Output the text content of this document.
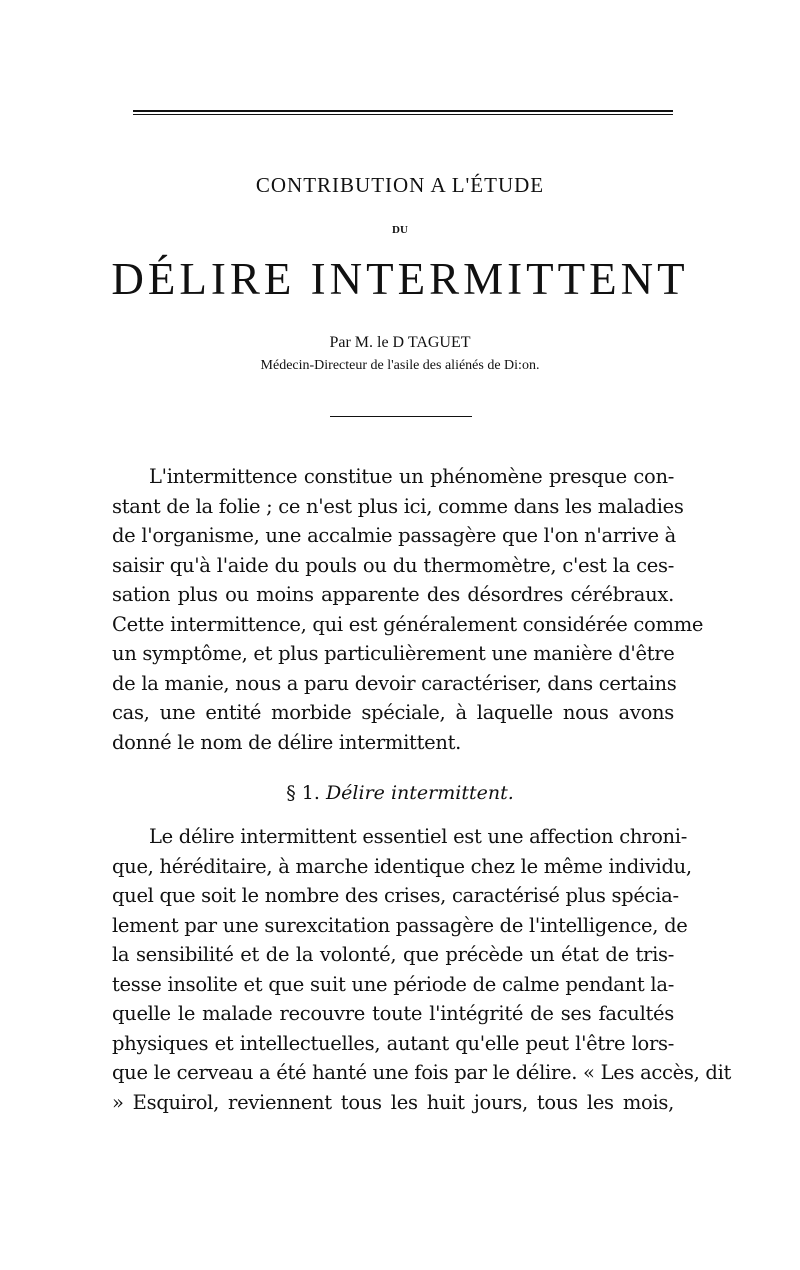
CONTRIBUTION A L'ÉTUDE
DU
DÉLIRE INTERMITTENT
Par M. le D TAGUET
Médecin-Directeur de l'asile des aliénés de Di:on.
L'intermittence constitue un phénomène presque con-
stant de la folie ; ce n'est plus ici, comme dans les maladies
de l'organisme, une accalmie passagère que l'on n'arrive à
saisir qu'à l'aide du pouls ou du thermomètre, c'est la ces-
sation plus ou moins apparente des désordres cérébraux.
Cette intermittence, qui est généralement considérée comme
un symptôme, et plus particulièrement une manière d'être
de la manie, nous a paru devoir caractériser, dans certains
cas, une entité morbide spéciale, à laquelle nous avons
donné le nom de délire intermittent.
§ 1. Délire intermittent.
Le délire intermittent essentiel est une affection chroni-
que, héréditaire, à marche identique chez le même individu,
quel que soit le nombre des crises, caractérisé plus spécia-
lement par une surexcitation passagère de l'intelligence, de
la sensibilité et de la volonté, que précède un état de tris-
tesse insolite et que suit une période de calme pendant la-
quelle le malade recouvre toute l'intégrité de ses facultés
physiques et intellectuelles, autant qu'elle peut l'être lors-
que le cerveau a été hanté une fois par le délire. « Les accès, dit
» Esquirol, reviennent tous les huit jours, tous les mois,
